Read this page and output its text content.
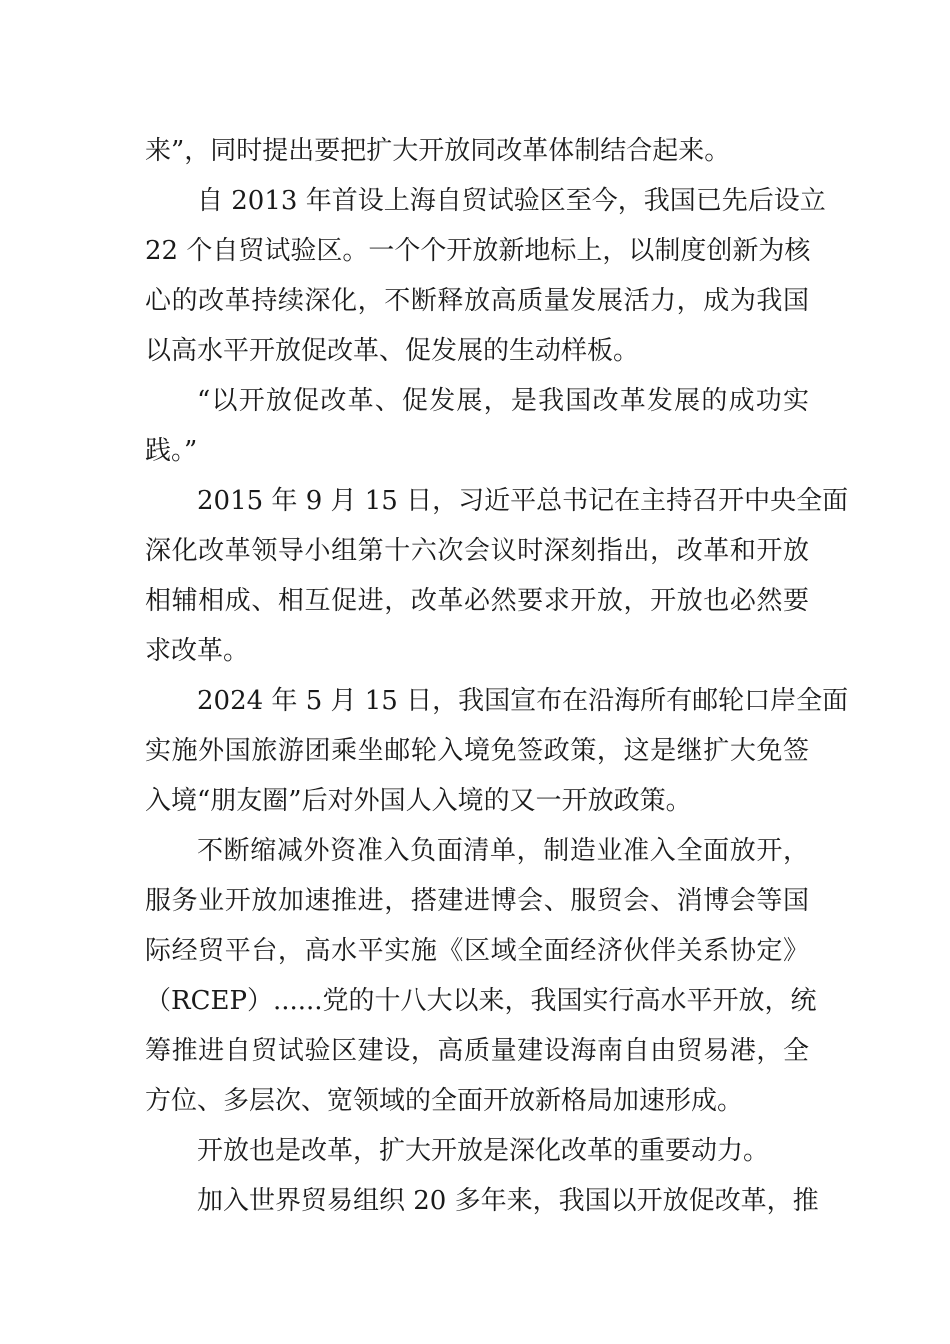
来”，同时提出要把扩大开放同改革体制结合起来。
自 2013 年首设上海自贸试验区至今，我国已先后设立
22 个自贸试验区。一个个开放新地标上，以制度创新为核
心的改革持续深化，不断释放高质量发展活力，成为我国
以高水平开放促改革、促发展的生动样板。
“以开放促改革、促发展，是我国改革发展的成功实
践。”
2015 年 9 月 15 日，习近平总书记在主持召开中央全面
深化改革领导小组第十六次会议时深刻指出，改革和开放
相辅相成、相互促进，改革必然要求开放，开放也必然要
求改革。
2024 年 5 月 15 日，我国宣布在沿海所有邮轮口岸全面
实施外国旅游团乘坐邮轮入境免签政策，这是继扩大免签
入境“朋友圈”后对外国人入境的又一开放政策。
不断缩减外资准入负面清单，制造业准入全面放开，
服务业开放加速推进，搭建进博会、服贸会、消博会等国
际经贸平台，高水平实施《区域全面经济伙伴关系协定》
（RCEP）......党的十八大以来，我国实行高水平开放，统
筹推进自贸试验区建设，高质量建设海南自由贸易港，全
方位、多层次、宽领域的全面开放新格局加速形成。
开放也是改革，扩大开放是深化改革的重要动力。
加入世界贸易组织 20 多年来，我国以开放促改革，推
